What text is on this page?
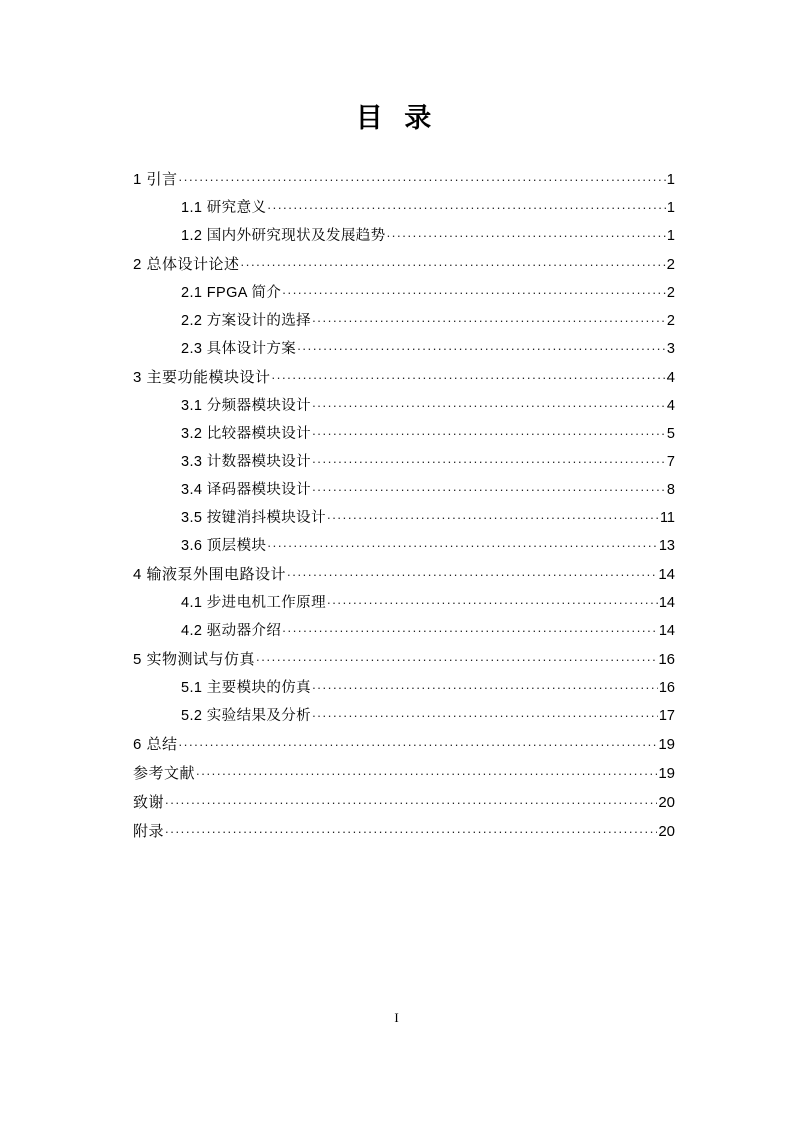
目 录
1 引言 .....	1
1.1 研究意义 .....	1
1.2 国内外研究现状及发展趋势 .....	1
2 总体设计论述 .....	2
2.1 FPGA 简介 .....	2
2.2 方案设计的选择 .....	2
2.3 具体设计方案 .....	3
3 主要功能模块设计 .....	4
3.1 分频器模块设计 .....	4
3.2 比较器模块设计 .....	5
3.3 计数器模块设计 .....	7
3.4 译码器模块设计 .....	8
3.5 按键消抖模块设计 .....	11
3.6 顶层模块 .....	13
4 输液泵外围电路设计 .....	14
4.1 步进电机工作原理 .....	14
4.2 驱动器介绍 .....	14
5 实物测试与仿真 .....	16
5.1 主要模块的仿真 .....	16
5.2 实验结果及分析 .....	17
6 总结 .....	19
参考文献 .....	19
致谢 .....	20
附录 .....	20
I
